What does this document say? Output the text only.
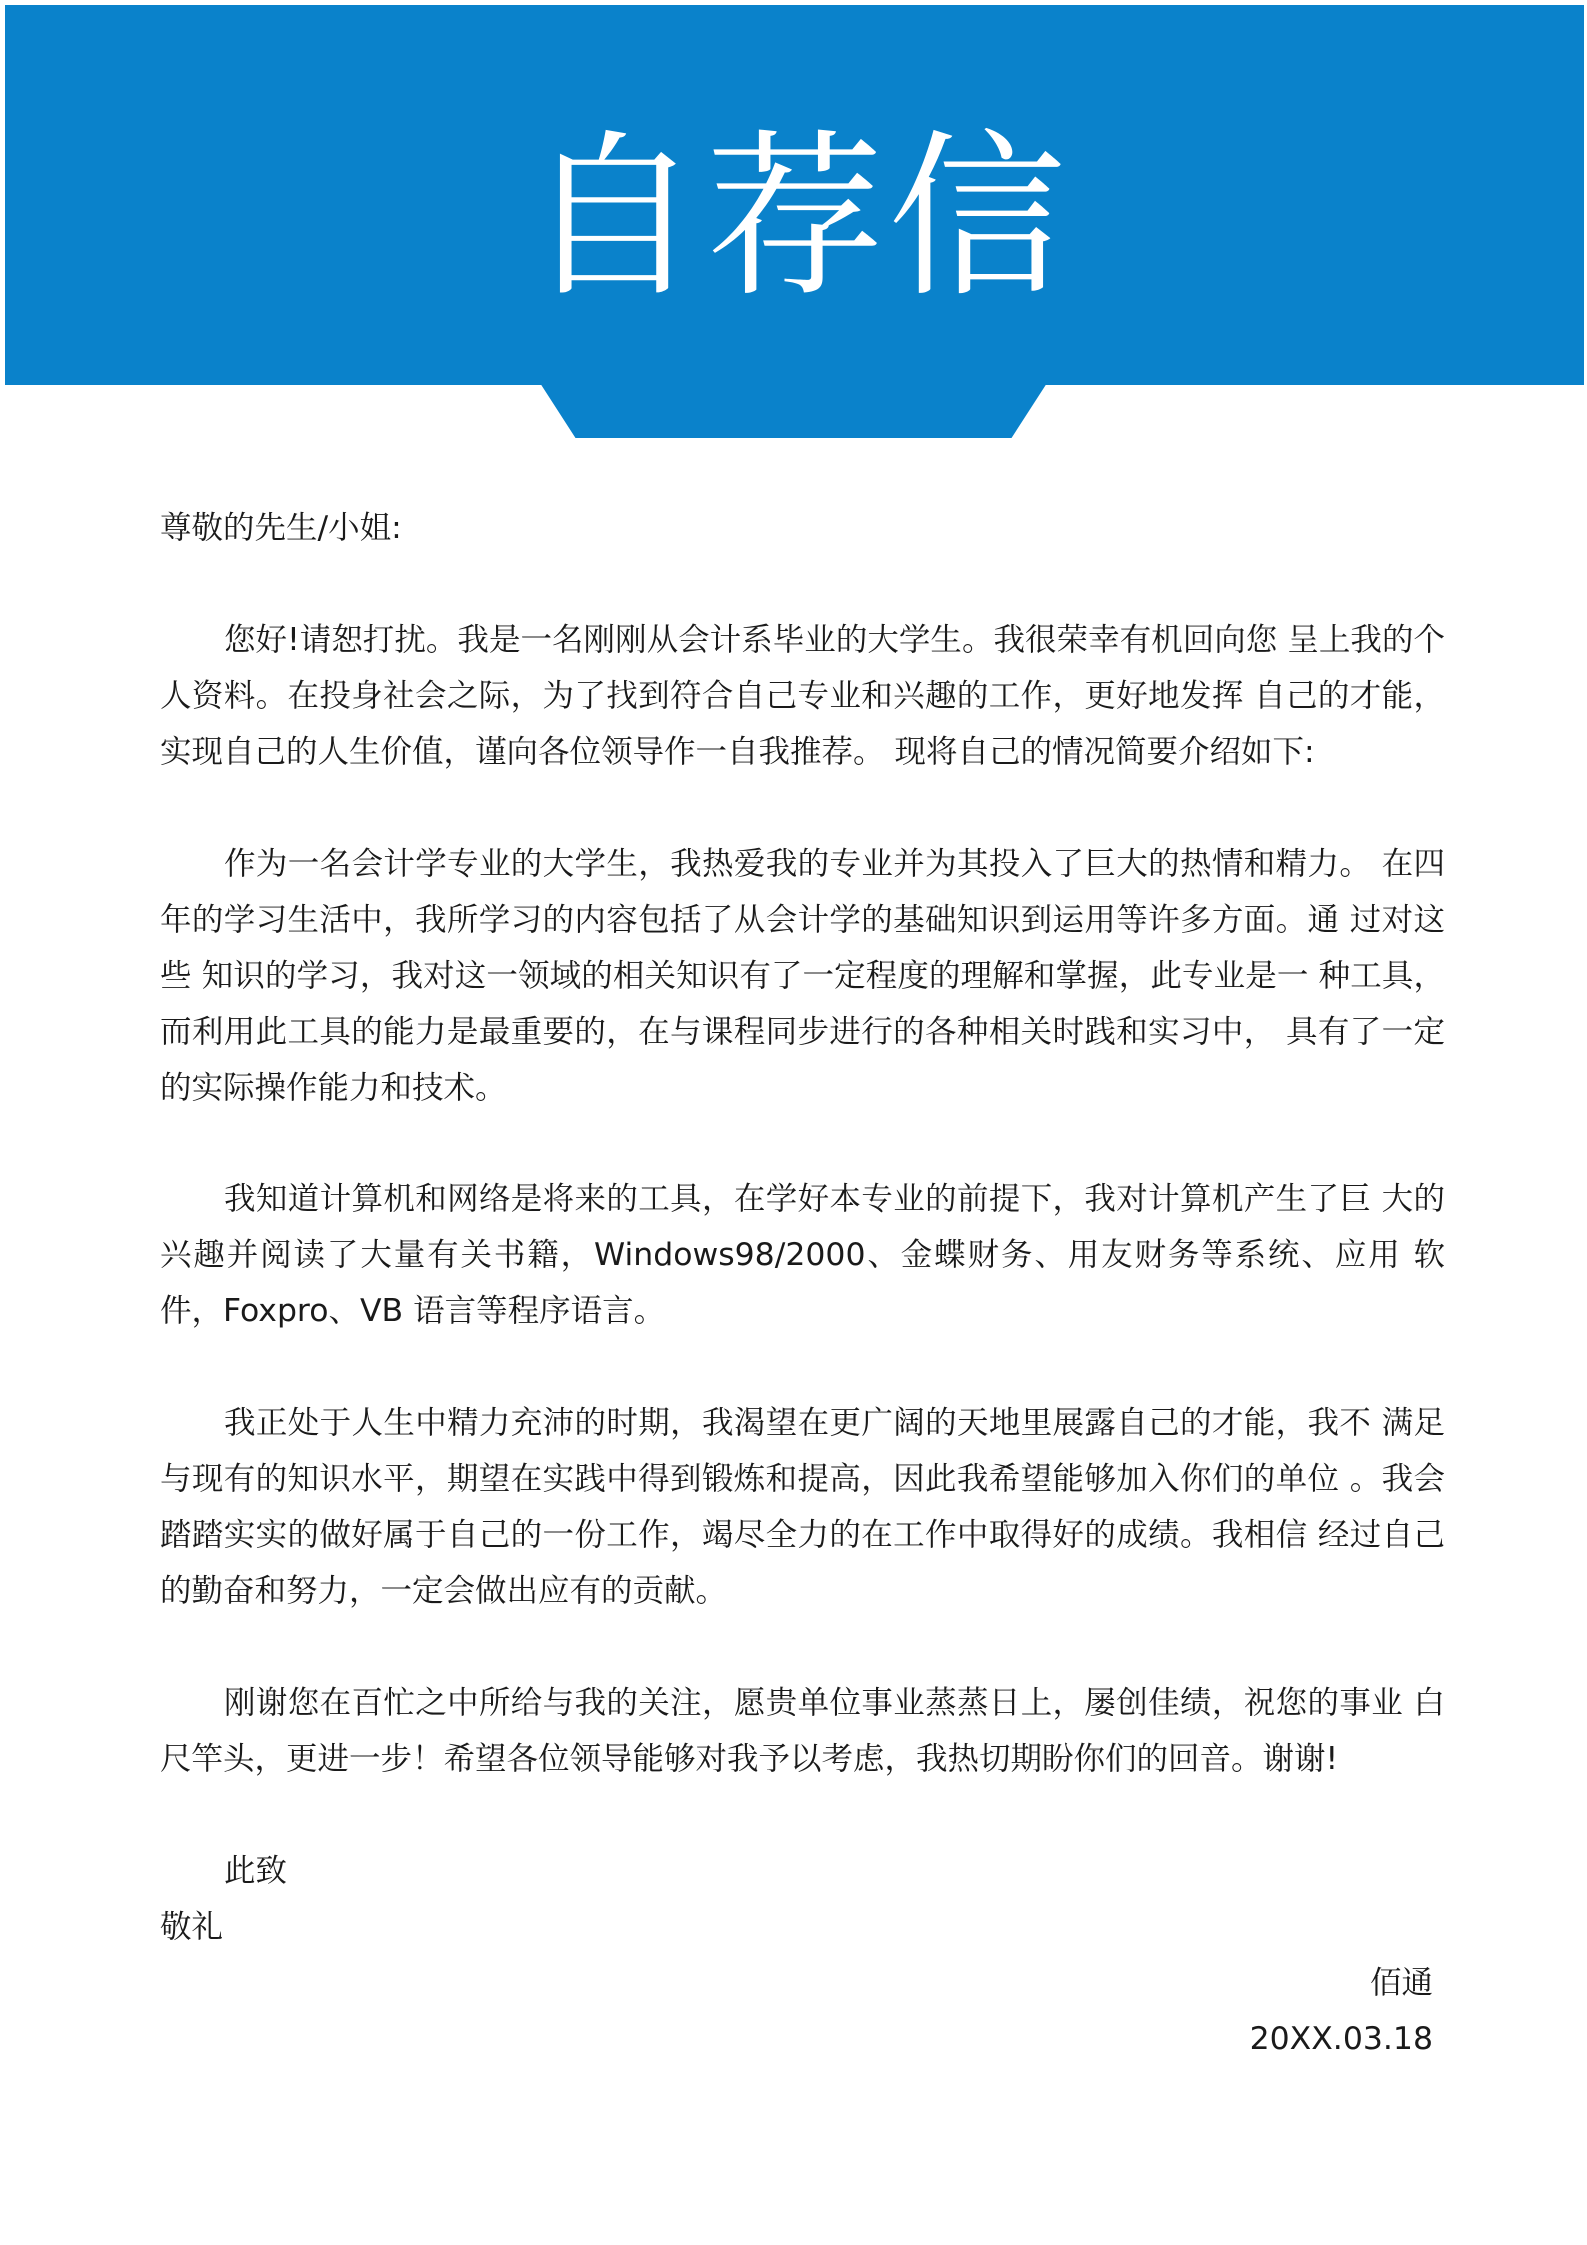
自荐信
尊敬的先生/小姐:

您好!请恕打扰。我是一名刚刚从会计系毕业的大学生。我很荣幸有机回向您 呈上我的个人资料。在投身社会之际，为了找到符合自己专业和兴趣的工作，更好地发挥 自己的才能，实现自己的人生价值，谨向各位领导作一自我推荐。 现将自己的情况简要介绍如下:

作为一名会计学专业的大学生，我热爱我的专业并为其投入了巨大的热情和精力。 在四年的学习生活中，我所学习的内容包括了从会计学的基础知识到运用等许多方面。通 过对这些 知识的学习，我对这一领域的相关知识有了一定程度的理解和掌握，此专业是一 种工具，而利用此工具的能力是最重要的，在与课程同步进行的各种相关时践和实习中， 具有了一定的实际操作能力和技术。

我知道计算机和网络是将来的工具，在学好本专业的前提下，我对计算机产生了巨 大的兴趣并阅读了大量有关书籍，Windows98/2000、金蝶财务、用友财务等系统、应用 软件，Foxpro、VB 语言等程序语言。

我正处于人生中精力充沛的时期，我渴望在更广阔的天地里展露自己的才能，我不 满足与现有的知识水平，期望在实践中得到锻炼和提高，因此我希望能够加入你们的单位 。我会踏踏实实的做好属于自己的一份工作，竭尽全力的在工作中取得好的成绩。我相信 经过自己的勤奋和努力，一定会做出应有的贡献。

刚谢您在百忙之中所给与我的关注，愿贵单位事业蒸蒸日上，屡创佳绩，祝您的事业 白尺竿头，更进一步！希望各位领导能够对我予以考虑，我热切期盼你们的回音。谢谢!

此致
敬礼
佰通
20XX.03.18
